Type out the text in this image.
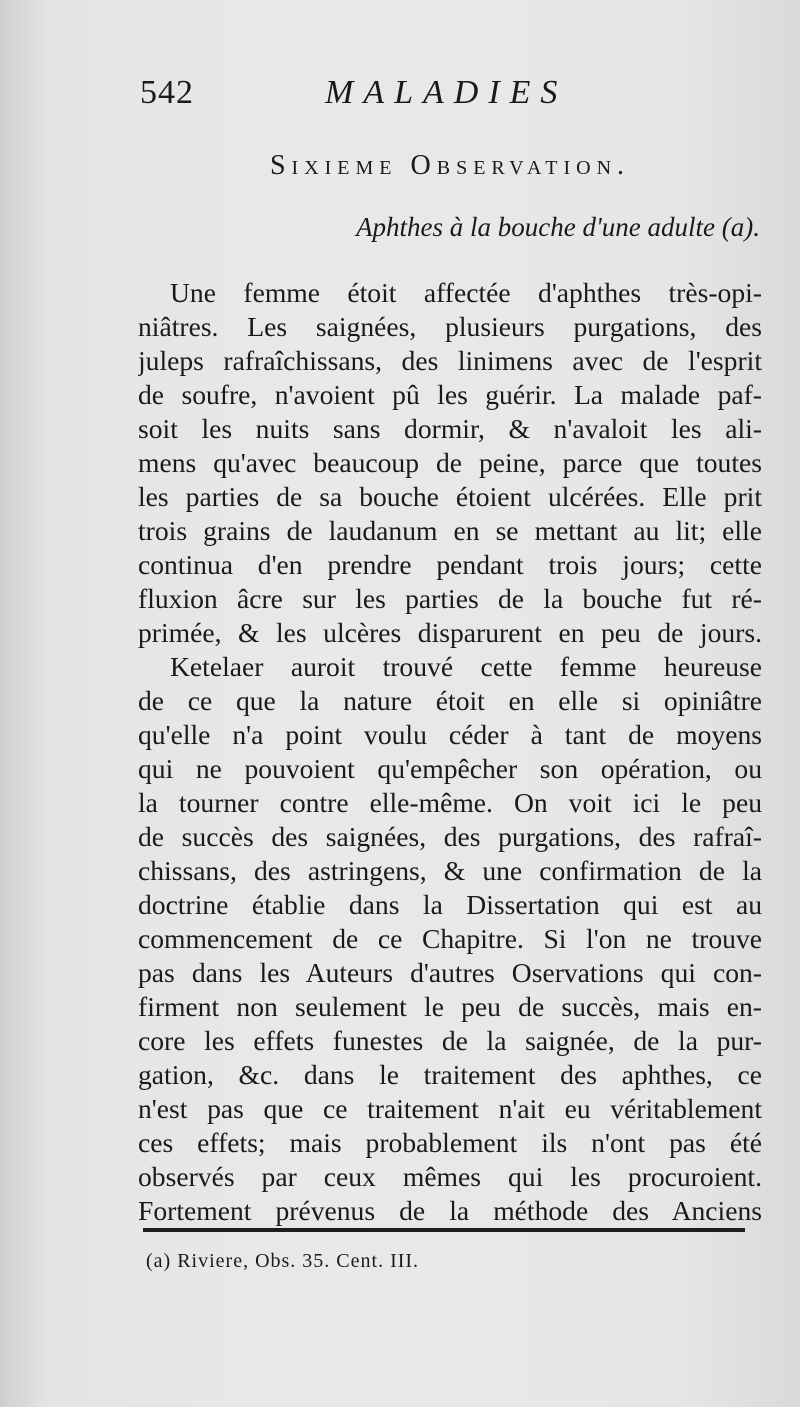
542	MALADIES
Sixieme Observation.
Aphthes à la bouche d'une adulte (a).
Une femme étoit affectée d'aphthes très-opi-
niâtres. Les saignées, plusieurs purgations, des
juleps rafraîchissans, des linimens avec de l'esprit
de soufre, n'avoient pû les guérir. La malade paf-
soit les nuits sans dormir, & n'avaloit les ali-
mens qu'avec beaucoup de peine, parce que toutes
les parties de sa bouche étoient ulcérées. Elle prit
trois grains de laudanum en se mettant au lit; elle
continua d'en prendre pendant trois jours; cette
fluxion âcre sur les parties de la bouche fut ré-
primée, & les ulcères disparurent en peu de jours.
Ketelaer auroit trouvé cette femme heureuse
de ce que la nature étoit en elle si opiniâtre
qu'elle n'a point voulu céder à tant de moyens
qui ne pouvoient qu'empêcher son opération, ou
la tourner contre elle-même. On voit ici le peu
de succès des saignées, des purgations, des rafraî-
chissans, des astringens, & une confirmation de la
doctrine établie dans la Dissertation qui est au
commencement de ce Chapitre. Si l'on ne trouve
pas dans les Auteurs d'autres Oservations qui con-
firment non seulement le peu de succès, mais en-
core les effets funestes de la saignée, de la pur-
gation, &c. dans le traitement des aphthes, ce
n'est pas que ce traitement n'ait eu véritablement
ces effets; mais probablement ils n'ont pas été
observés par ceux mêmes qui les procuroient.
Fortement prévenus de la méthode des Anciens
(a) Riviere, Obs. 35. Cent. III.
